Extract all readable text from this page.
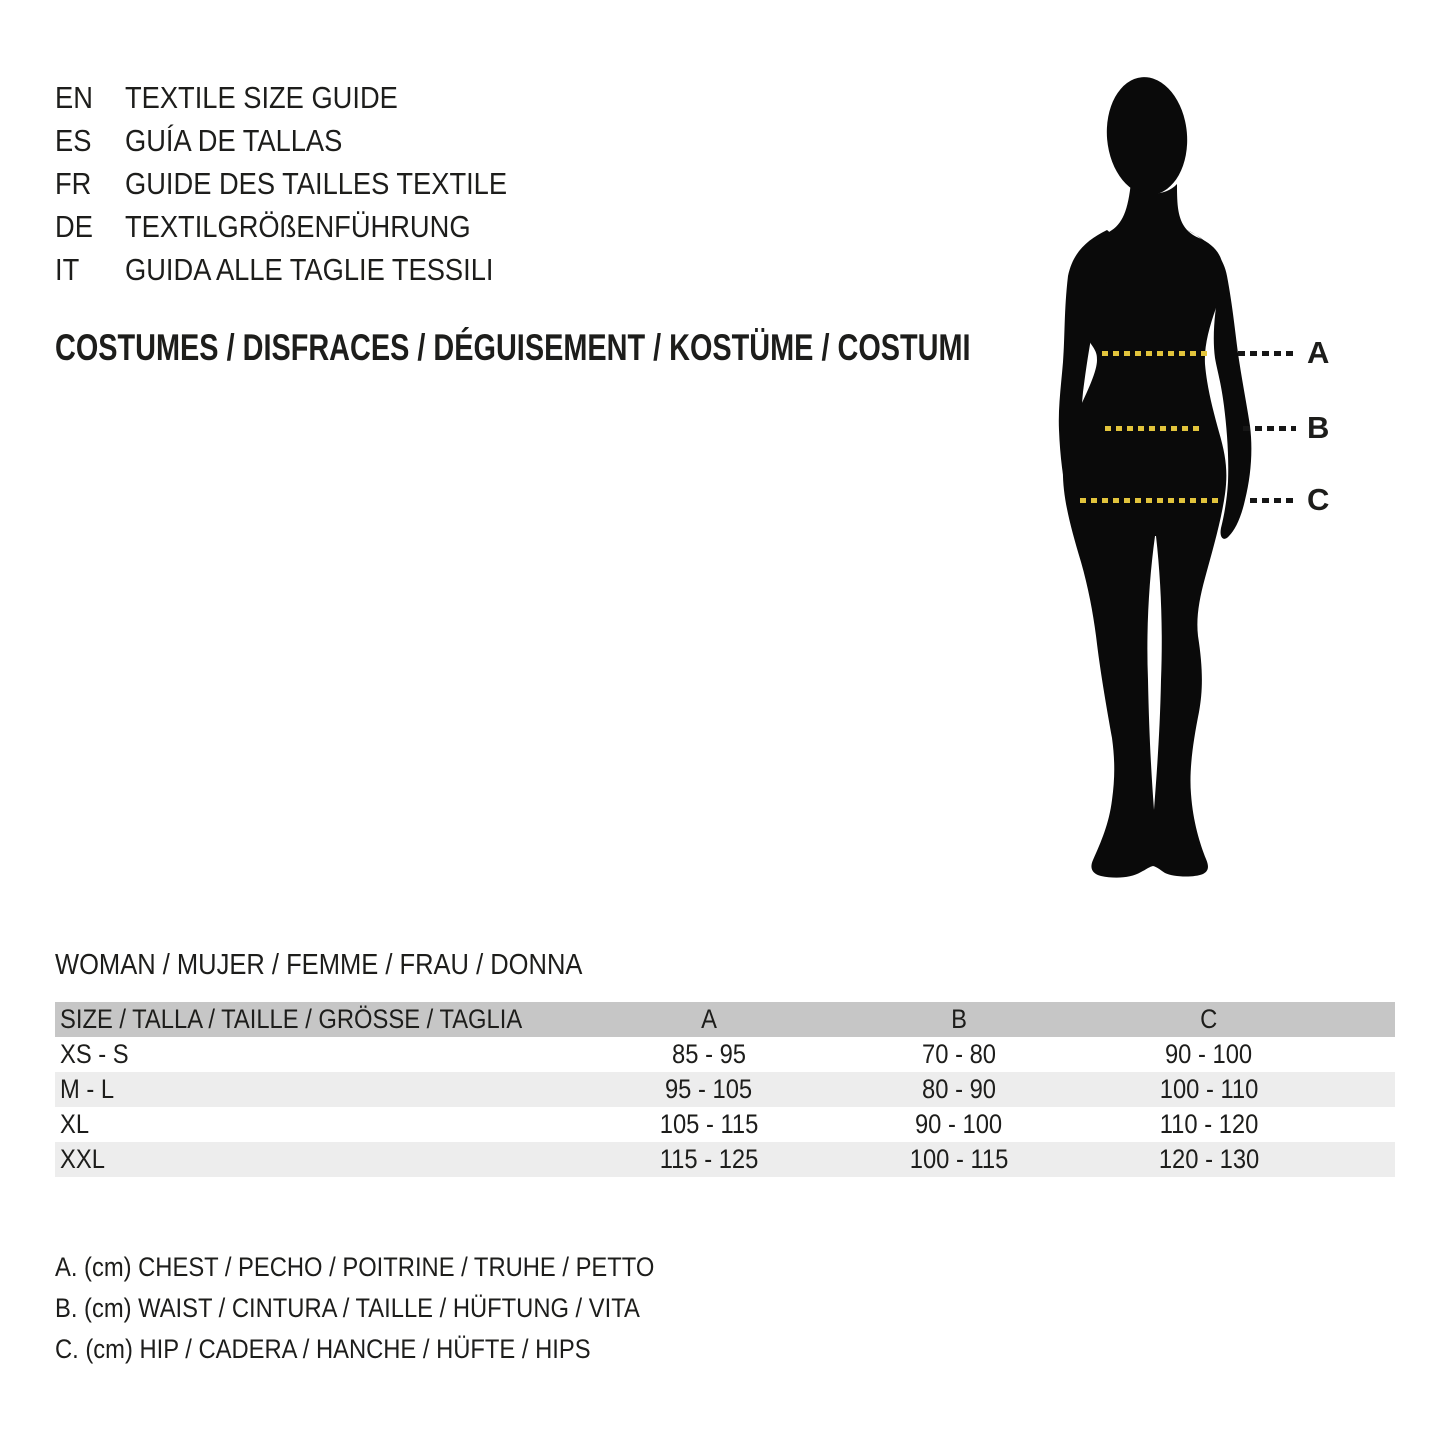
EN TEXTILE SIZE GUIDE
ES GUÍA DE TALLAS
FR GUIDE DES TAILLES TEXTILE
DE TEXTILGRÖßENFÜHRUNG
IT GUIDA ALLE TAGLIE TESSILI
COSTUMES / DISFRACES / DÉGUISEMENT / KOSTÜME / COSTUMI	A
B
C
WOMAN / MUJER / FEMME / FRAU / DONNA
SIZE / TALLA / TAILLE / GRÖSSE / TAGLIA	A	B	C	
XS - S	85 - 95	70 - 80	90 - 100	
M - L	95 - 105	80 - 90	100 - 110	
XL	105 - 115	90 - 100	110 - 120	
XXL	115 - 125	100 - 115	120 - 130	
A. (cm) CHEST / PECHO / POITRINE / TRUHE / PETTO
B. (cm) WAIST / CINTURA / TAILLE / HÜFTUNG / VITA
C. (cm) HIP / CADERA / HANCHE / HÜFTE / HIPS
